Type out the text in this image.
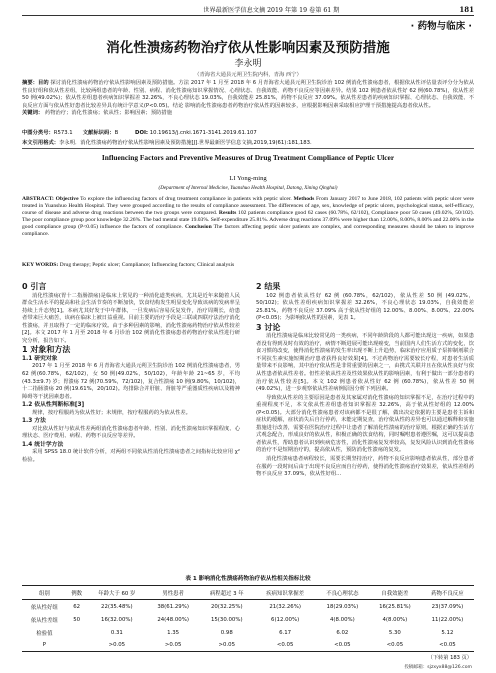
世界最新医学信息文摘 2019 年第 19 卷第 61 期	181
· 药物与临床 ·
消化性溃疡药物治疗依从性影响因素及预防措施
李永明
（青海省大通县元朔卫生院内科，青海 西宁）
摘要：目的 探讨消化性溃疡药物治疗依从性影响因素及预防措施。方法 2017 年 1 月至 2018 年 6 月青海省大通县元朔卫生院诊治 102 例消化性溃疡患者，根据依从性评估量表评分分为依从性良好组和依从性差组，比较两组患者的年龄、性别、病程、消化性溃疡知识掌握情况、心理状态、自我效能、药物不良反应等因素差异。结果 102 例患者依从性好 62 例(60.78%)，依从性差 50 例(49.02%)；依从性差组患者疾病知识掌握差 32.26%，不良心理状态 19.03%，自我效能差 25.81%，药物不良反应 37.09%。依从性差患者的疾病知识掌握、心理状态、自我效能、不良反应方面与依从性好患者比较差异具有统计学意义(P<0.05)。结论 影响消化性溃疡患者药物治疗依从性的因素较多，应根据影响因素采取相应护理干预措施提高患者依从性。
关键词： 药物治疗；消化性溃疡；依从性；影响因素；预防措施
中图分类号：R573.1 文献标识码：B	DOI: 10.19613/j.cnki.1671-3141.2019.61.107
本文引用格式：李永明．消化性溃疡药物治疗依从性影响因素及预防措施[J].世界最新医学信息文摘,2019,19(61):181,183.
Influencing Factors and Preventive Measures of Drug Treatment Compliance of Peptic Ulcer
LI Yong-ming
(Department of Internal Medicine, Yuanshuo Health Hospital, Datong, Xining Qinghai)
ABSTRACT: Objective To explore the influencing factors of drug treatment compliance in patients with peptic ulcer. Methods From January 2017 to June 2018, 102 patients with peptic ulcer were treated in Yuanshuo Health Hospital. They were grouped according to the results of compliance assessment. The differences of age, sex, knowledge of peptic ulcers, psychological status, self-efficacy, course of disease and adverse drug reactions between the two groups were compared. Results 102 patients compliance good 62 cases (60.78%, 62/102), Compliance poor 50 cases (49.02%, 50/102). The poor compliance group poor knowledge 32.26%. The bad mental state 19.03%. Self-expenditure 25.81%. Adverse drug reactions 37.09% were higher than 12.00%, 8.00%, 8.00% and 22.00% in the good compliance group (P<0.05) influence the factors of compliance. Conclusion The factors affecting peptic ulcer patients are complex, and corresponding measures should be taken to improve compliance.
KEY WORDS: Drug therapy; Peptic ulcer; Compliance; Influencing factors; Clinical analysis
0 引言

消化性溃疡(胃十二指肠溃疡)是临床上常见的一种消化道类疾病，尤其是近年来随着人民群众生活水平的提高和社会生活节奏的不断加快，饮食结构发生明显变化导致该病的发病率呈持续上升态势[1]。本病尤其好发于中年群体，一旦发病后容易反复发作，治疗周期长，给患者带来巨大痛苦，该病在临床上被日益重视。目前主要的治疗手段是三联或四联疗法治疗消化性溃疡，并且取得了一定的临床疗效。由于多种因素的影响，消化性溃疡药物治疗依从性较差[2]。本文 2017 年 1 月至 2018 年 6 月诊治 102 例消化性溃疡患者药物治疗依从性进行研究分析，报告如下。

1 对象和方法
1.1 研究对象

2017 年 1 月至 2018 年 6 月青海省大通县元朔卫生院诊治 102 例消化性溃疡患者，男 62 例(60.78%，62/102)，女 50 例(49.02%，50/102)，年龄年龄 21~65 岁，平均 (43.3±9.7) 岁；胃溃疡 72 例(70.59%，72/102)，复合性溃疡 10 例(9.80%，10/102)，十二指肠溃疡 20 例(19.61%，20/102)。均排除合并肝脏、肾脏等严重器质性疾病以及精神障碍等干扰因素患者。

1.2 依从性判断标准[3]

规律，按疗程服药为依从性好；未规律，按疗程服药的为依从性差。

1.3 方法

对比依从性好与依从性差两组消化性溃疡患者年龄、性别、消化性溃疡知识掌握程度、心理状态、医疗费用、病程、药物不良反应等差异。

1.4 统计学方法

采用 SPSS 18.0 统计软件分析，对两组不同依从性消化性溃疡患者之间指标比较应用 χ² 检验。

2 结果

102 例患者依从性好 62 例 (60.78%，62/102)，依从性差 50 例 (49.02%，50/102)；依从性差组疾病知识掌握差 32.26%，不良心理状态 19.03%，自我效能差 25.81%，药物不良反应 37.09% 高于依从性好组的 12.00%、8.00%、8.00%、22.00%(P<0.05)；为影响依从性的因素，见表 1。

3 讨论

消化性溃疡是临床比较常见的一类疾病，不同年龄阶段的人都可能出现这一疾病，如果患者没有得到及时有效的治疗，病情不断进展可能出现癌变，当前国内人们生活方式的变化，饮食习惯的改变，使得消化性溃疡的发生率出现不断上升趋势，临床治疗应用质子泵抑制剂联合不同抗生素实施短期治疗患者获得良好效果[4]。不过药物治疗需要较长疗程，对患者生活质量带来不良影响，其中治疗依从性是非常重要的因素之一，由携式关联并且在依从性良好与依从性患者依从性差者。但性差依从性差及性效果依从性的影响因素，有利于做出一部分患者的治疗依从性较差[5]。本文 102 例患者依从性好 62 例 (60.78%)，依从性差 50 例 (49.02%)，进一步观察依从性差病例原因分析下列因素。

导致依从性差的主要原因是患者及其家属对消化性溃疡的知识掌握不足，在治疗过程中的重视程度不足，本文依从性差组患者知识掌握差 32.26%，高于依从性好组的 12.00%(P<0.05)。大部分消化性溃疡患者对该病都不是很了解，做出决定依据的主要是患者主诉和症状的缓解，症状消失后自行停药，未能定期复查，治疗依从性的差异也可以通过解释和实施措施进行改善，需要在医院治疗过程中让患者了解消化性溃疡的治疗原则，根据正确的生活方式观念配合，形成良好的依从性，积极正确的饮食结构，同时嘱咐患者遵医嘱，这可以提高患者依从性，帮助患者认识到疾病危害性，消化性溃疡复发率较高，复发风险认识到消化性溃疡的治疗不是短期治疗的，提高依从性，预防消化性溃疡的复发。

消化性溃疡患者病程较长，需要长期坚持治疗，药物不良反应影响患者依从性，部分患者在服药一段时间后由于出现不良反应而自行停药，使得消化性溃疡治疗效果差，依从性差组药物不良反应 37.09%，依从性好组...

表 1 影响消化性溃疡药物治疗依从性相关指标比较
组别	例数	年龄大于 60 岁	男性患者	病程超过 3 年	疾病知识掌握差	不良心理状态	自我效能差	药物不良反应
依从性好组	62	22(35.48%)	38(61.29%)	20(32.25%)	21(32.26%)	18(29.03%)	16(25.81%)	23(37.09%)
依从性差组	50	16(32.00%)	24(48.00%)	15(30.00%)	6(12.00%)	4(8.00%)	4(8.00%)	11(22.00%)
检验值		0.31	1.35	0.98	6.17	6.02	5.30	5.12
P		>0.05	>0.05	>0.05	<0.05	<0.05	<0.05	<0.05
（下转第 183 页）
投稿邮箱：sjzxyx88@126.com
